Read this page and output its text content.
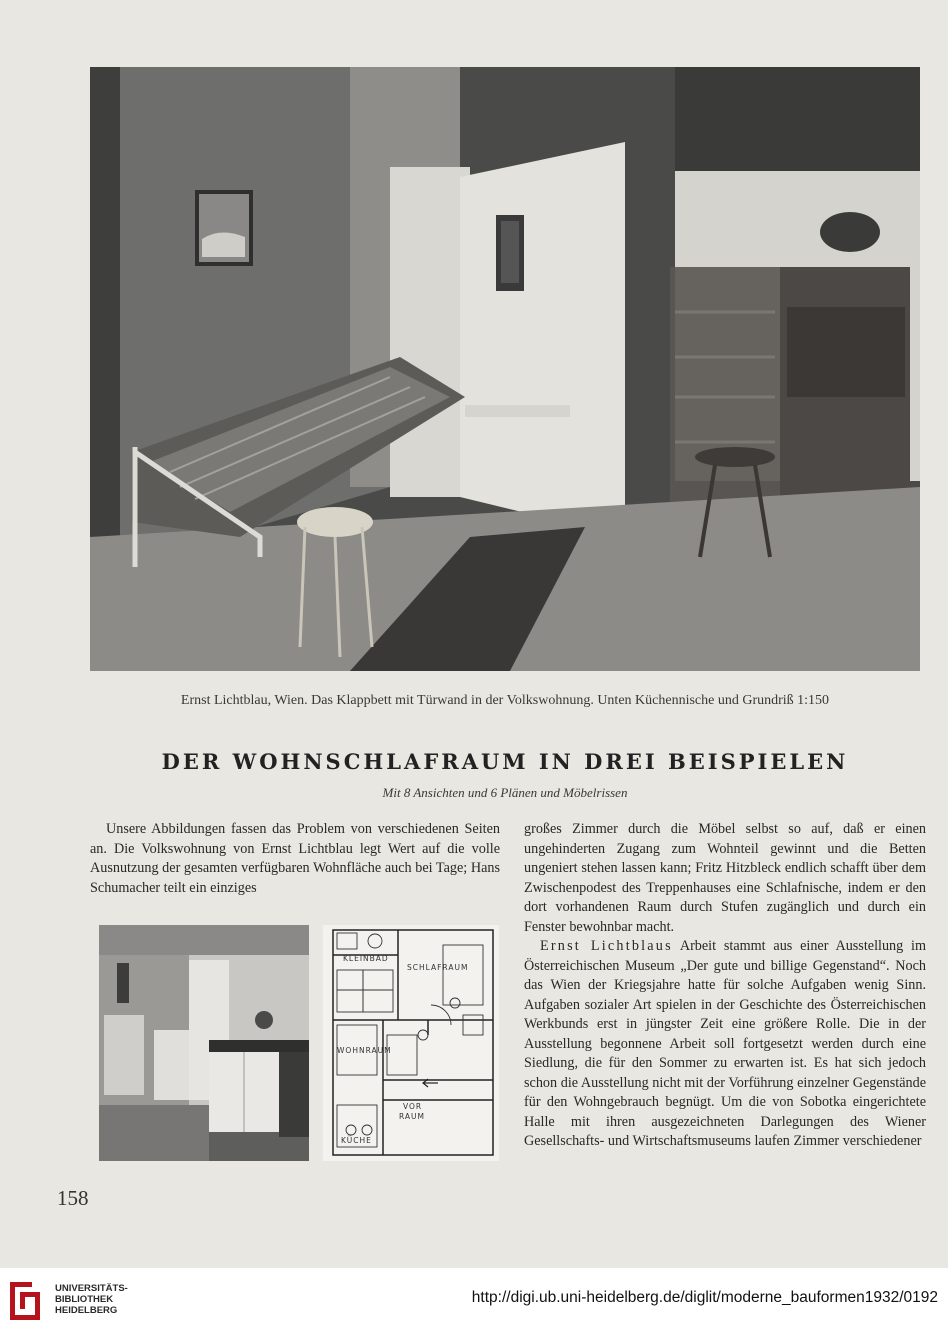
Ernst Lichtblau, Wien. Das Klappbett mit Türwand in der Volkswohnung. Unten Küchennische und Grundriß 1:150
DER WOHNSCHLAFRAUM IN DREI BEISPIELEN
Mit 8 Ansichten und 6 Plänen und Möbelrissen

Unsere Abbildungen fassen das Problem von verschiedenen Seiten an. Die Volkswohnung von Ernst Lichtblau legt Wert auf die volle Ausnutzung der gesamten verfügbaren Wohnfläche auch bei Tage; Hans Schumacher teilt ein einziges

KLEINBAD
SCHLAFRAUM
WOHNRAUM
VOR
RAUM
KÜCHE

großes Zimmer durch die Möbel selbst so auf, daß er einen ungehinderten Zugang zum Wohnteil gewinnt und die Betten ungeniert stehen lassen kann; Fritz Hitzbleck endlich schafft über dem Zwischenpodest des Treppenhauses eine Schlafnische, indem er den dort vorhandenen Raum durch Stufen zugänglich und durch ein Fenster bewohnbar macht.

Ernst Lichtblaus Arbeit stammt aus einer Ausstellung im Österreichischen Museum „Der gute und billige Gegenstand“. Noch das Wien der Kriegsjahre hatte für solche Aufgaben wenig Sinn. Aufgaben sozialer Art spielen in der Geschichte des Österreichischen Werkbunds erst in jüngster Zeit eine größere Rolle. Die in der Ausstellung begonnene Arbeit soll fortgesetzt werden durch eine Siedlung, die für den Sommer zu erwarten ist. Es hat sich jedoch schon die Ausstellung nicht mit der Vorführung einzelner Gegenstände für den Wohngebrauch begnügt. Um die von Sobotka eingerichtete Halle mit ihren ausgezeichneten Darlegungen des Wiener Gesellschafts- und Wirtschaftsmuseums laufen Zimmer verschiedener

158
UNIVERSITÄTS-
BIBLIOTHEK
HEIDELBERG
http://digi.ub.uni-heidelberg.de/diglit/moderne_bauformen1932/0192
